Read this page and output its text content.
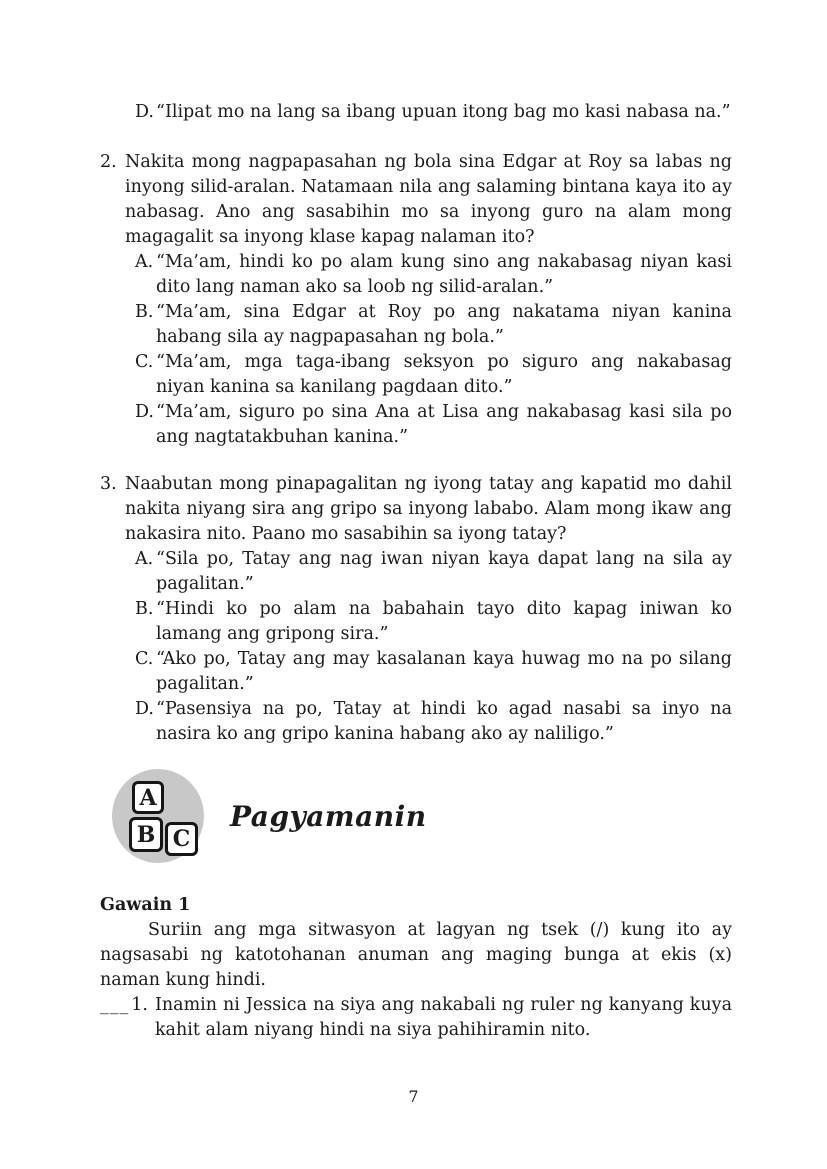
D. “Ilipat mo na lang sa ibang upuan itong bag mo kasi nabasa na.”
2. Nakita mong nagpapasahan ng bola sina Edgar at Roy sa labas ng inyong silid-aralan. Natamaan nila ang salaming bintana kaya ito ay nabasag. Ano ang sasabihin mo sa inyong guro na alam mong magagalit sa inyong klase kapag nalaman ito?
A. “Ma’am, hindi ko po alam kung sino ang nakabasag niyan kasi dito lang naman ako sa loob ng silid-aralan.”
B. “Ma’am, sina Edgar at Roy po ang nakatama niyan kanina habang sila ay nagpapasahan ng bola.”
C. “Ma’am, mga taga-ibang seksyon po siguro ang nakabasag niyan kanina sa kanilang pagdaan dito.”
D. “Ma’am, siguro po sina Ana at Lisa ang nakabasag kasi sila po ang nagtatakbuhan kanina.”
3. Naabutan mong pinapagalitan ng iyong tatay ang kapatid mo dahil nakita niyang sira ang gripo sa inyong lababo. Alam mong ikaw ang nakasira nito. Paano mo sasabihin sa iyong tatay?
A. “Sila po, Tatay ang nag iwan niyan kaya dapat lang na sila ay pagalitan.”
B. “Hindi ko po alam na babahain tayo dito kapag iniwan ko lamang ang gripong sira.”
C. “Ako po, Tatay ang may kasalanan kaya huwag mo na po silang pagalitan.”
D. “Pasensiya na po, Tatay at hindi ko agad nasabi sa inyo na nasira ko ang gripo kanina habang ako ay naliligo.”
A
B C
Pagyamanin
Gawain 1

Suriin ang mga sitwasyon at lagyan ng tsek (/) kung ito ay nagsasabi ng katotohanan anuman ang maging bunga at ekis (x) naman kung hindi.

___ 1. Inamin ni Jessica na siya ang nakabali ng ruler ng kanyang kuya kahit alam niyang hindi na siya pahihiramin nito.
7
